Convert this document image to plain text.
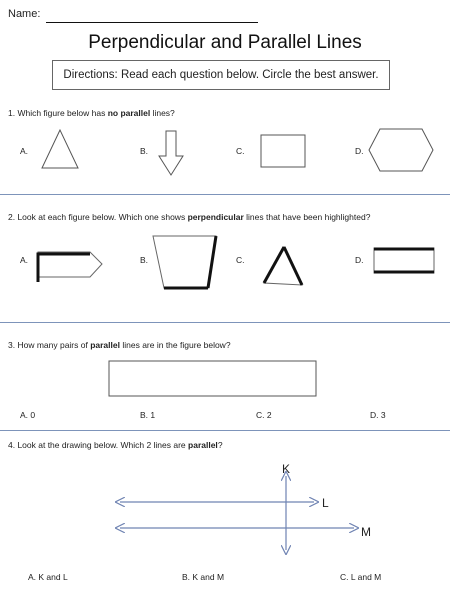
Name:
Perpendicular and Parallel Lines
Directions: Read each question below. Circle the best answer.
1. Which figure below has no parallel lines?
A.	B.	C.	D.
2. Look at each figure below. Which one shows perpendicular lines that have been highlighted?
A.	B.	C.	D.
3. How many pairs of parallel lines are in the figure below?
A. 0	B. 1	C. 2	D. 3
4. Look at the drawing below. Which 2 lines are parallel?
K
L
M
A. K and L	B. K and M	C. L and M
